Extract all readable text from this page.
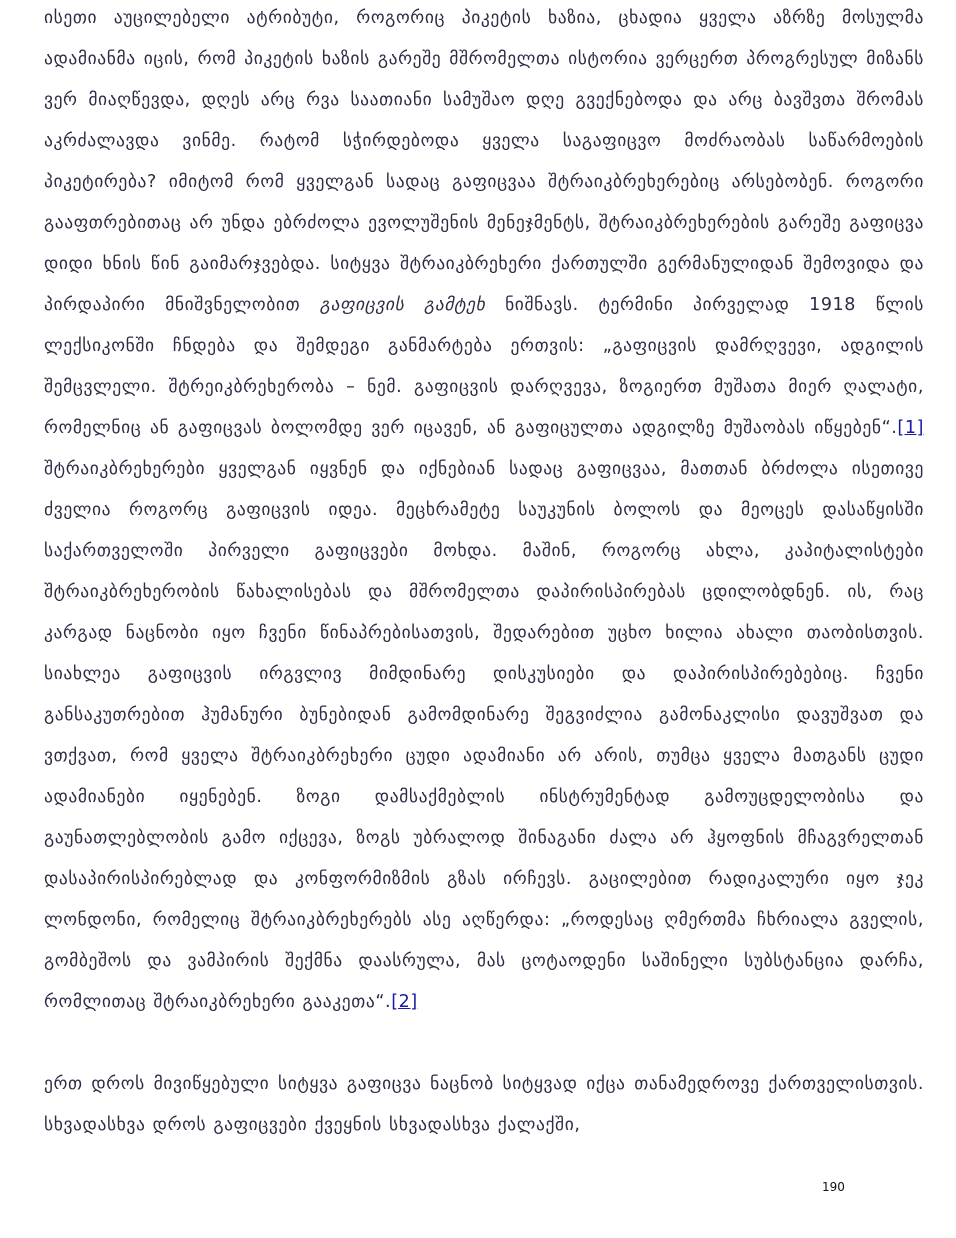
ისეთი აუცილებელი ატრიბუტი, როგორიც პიკეტის ხაზია, ცხადია ყველა აზრზე მოსულმა ადამიანმა იცის, რომ პიკეტის ხაზის გარეშე მშრომელთა ისტორია ვერცერთ პროგრესულ მიზანს ვერ მიაღწევდა, დღეს არც რვა საათიანი სამუშაო დღე გვექნებოდა და არც ბავშვთა შრომას აკრძალავდა ვინმე. რატომ სჭირდებოდა ყველა საგაფიცვო მოძრაობას საწარმოების პიკეტირება? იმიტომ რომ ყველგან სადაც გაფიცვაა შტრაიკბრეხერებიც არსებობენ. როგორი გააფთრებითაც არ უნდა ებრძოლა ევოლუშენის მენეჯმენტს, შტრაიკბრეხერების გარეშე გაფიცვა დიდი ხნის წინ გაიმარჯვებდა. სიტყვა შტრაიკბრეხერი ქართულში გერმანულიდან შემოვიდა და პირდაპირი მნიშვნელობით გაფიცვის გამტეხ ნიშნავს. ტერმინი პირველად 1918 წლის ლექსიკონში ჩნდება და შემდეგი განმარტება ერთვის: „გაფიცვის დამრღვევი, ადგილის შემცვლელი. შტრეიკბრეხერობა – ნემ. გაფიცვის დარღვევა, ზოგიერთ მუშათა მიერ ღალატი, რომელნიც ან გაფიცვას ბოლომდე ვერ იცავენ, ან გაფიცულთა ადგილზე მუშაობას იწყებენ“.[1] შტრაიკბრეხერები ყველგან იყვნენ და იქნებიან სადაც გაფიცვაა, მათთან ბრძოლა ისეთივე ძველია როგორც გაფიცვის იდეა. მეცხრამეტე საუკუნის ბოლოს და მეოცეს დასაწყისში საქართველოში პირველი გაფიცვები მოხდა. მაშინ, როგორც ახლა, კაპიტალისტები შტრაიკბრეხერობის წახალისებას და მშრომელთა დაპირისპირებას ცდილობდნენ. ის, რაც კარგად ნაცნობი იყო ჩვენი წინაპრებისათვის, შედარებით უცხო ხილია ახალი თაობისთვის. სიახლეა გაფიცვის ირგვლივ მიმდინარე დისკუსიები და დაპირისპირებებიც. ჩვენი განსაკუთრებით ჰუმანური ბუნებიდან გამომდინარე შეგვიძლია გამონაკლისი დავუშვათ და ვთქვათ, რომ ყველა შტრაიკბრეხერი ცუდი ადამიანი არ არის, თუმცა ყველა მათგანს ცუდი ადამიანები იყენებენ. ზოგი დამსაქმებლის ინსტრუმენტად გამოუცდელობისა და გაუნათლებლობის გამო იქცევა, ზოგს უბრალოდ შინაგანი ძალა არ ჰყოფნის მჩაგვრელთან დასაპირისპირებლად და კონფორმიზმის გზას ირჩევს. გაცილებით რადიკალური იყო ჯეკ ლონდონი, რომელიც შტრაიკბრეხერებს ასე აღწერდა: „როდესაც ღმერთმა ჩხრიალა გველის, გომბეშოს და ვამპირის შექმნა დაასრულა, მას ცოტაოდენი საშინელი სუბსტანცია დარჩა, რომლითაც შტრაიკბრეხერი გააკეთა“.[2]

ერთ დროს მივიწყებული სიტყვა გაფიცვა ნაცნობ სიტყვად იქცა თანამედროვე ქართველისთვის. სხვადასხვა დროს გაფიცვები ქვეყნის სხვადასხვა ქალაქში,

190
